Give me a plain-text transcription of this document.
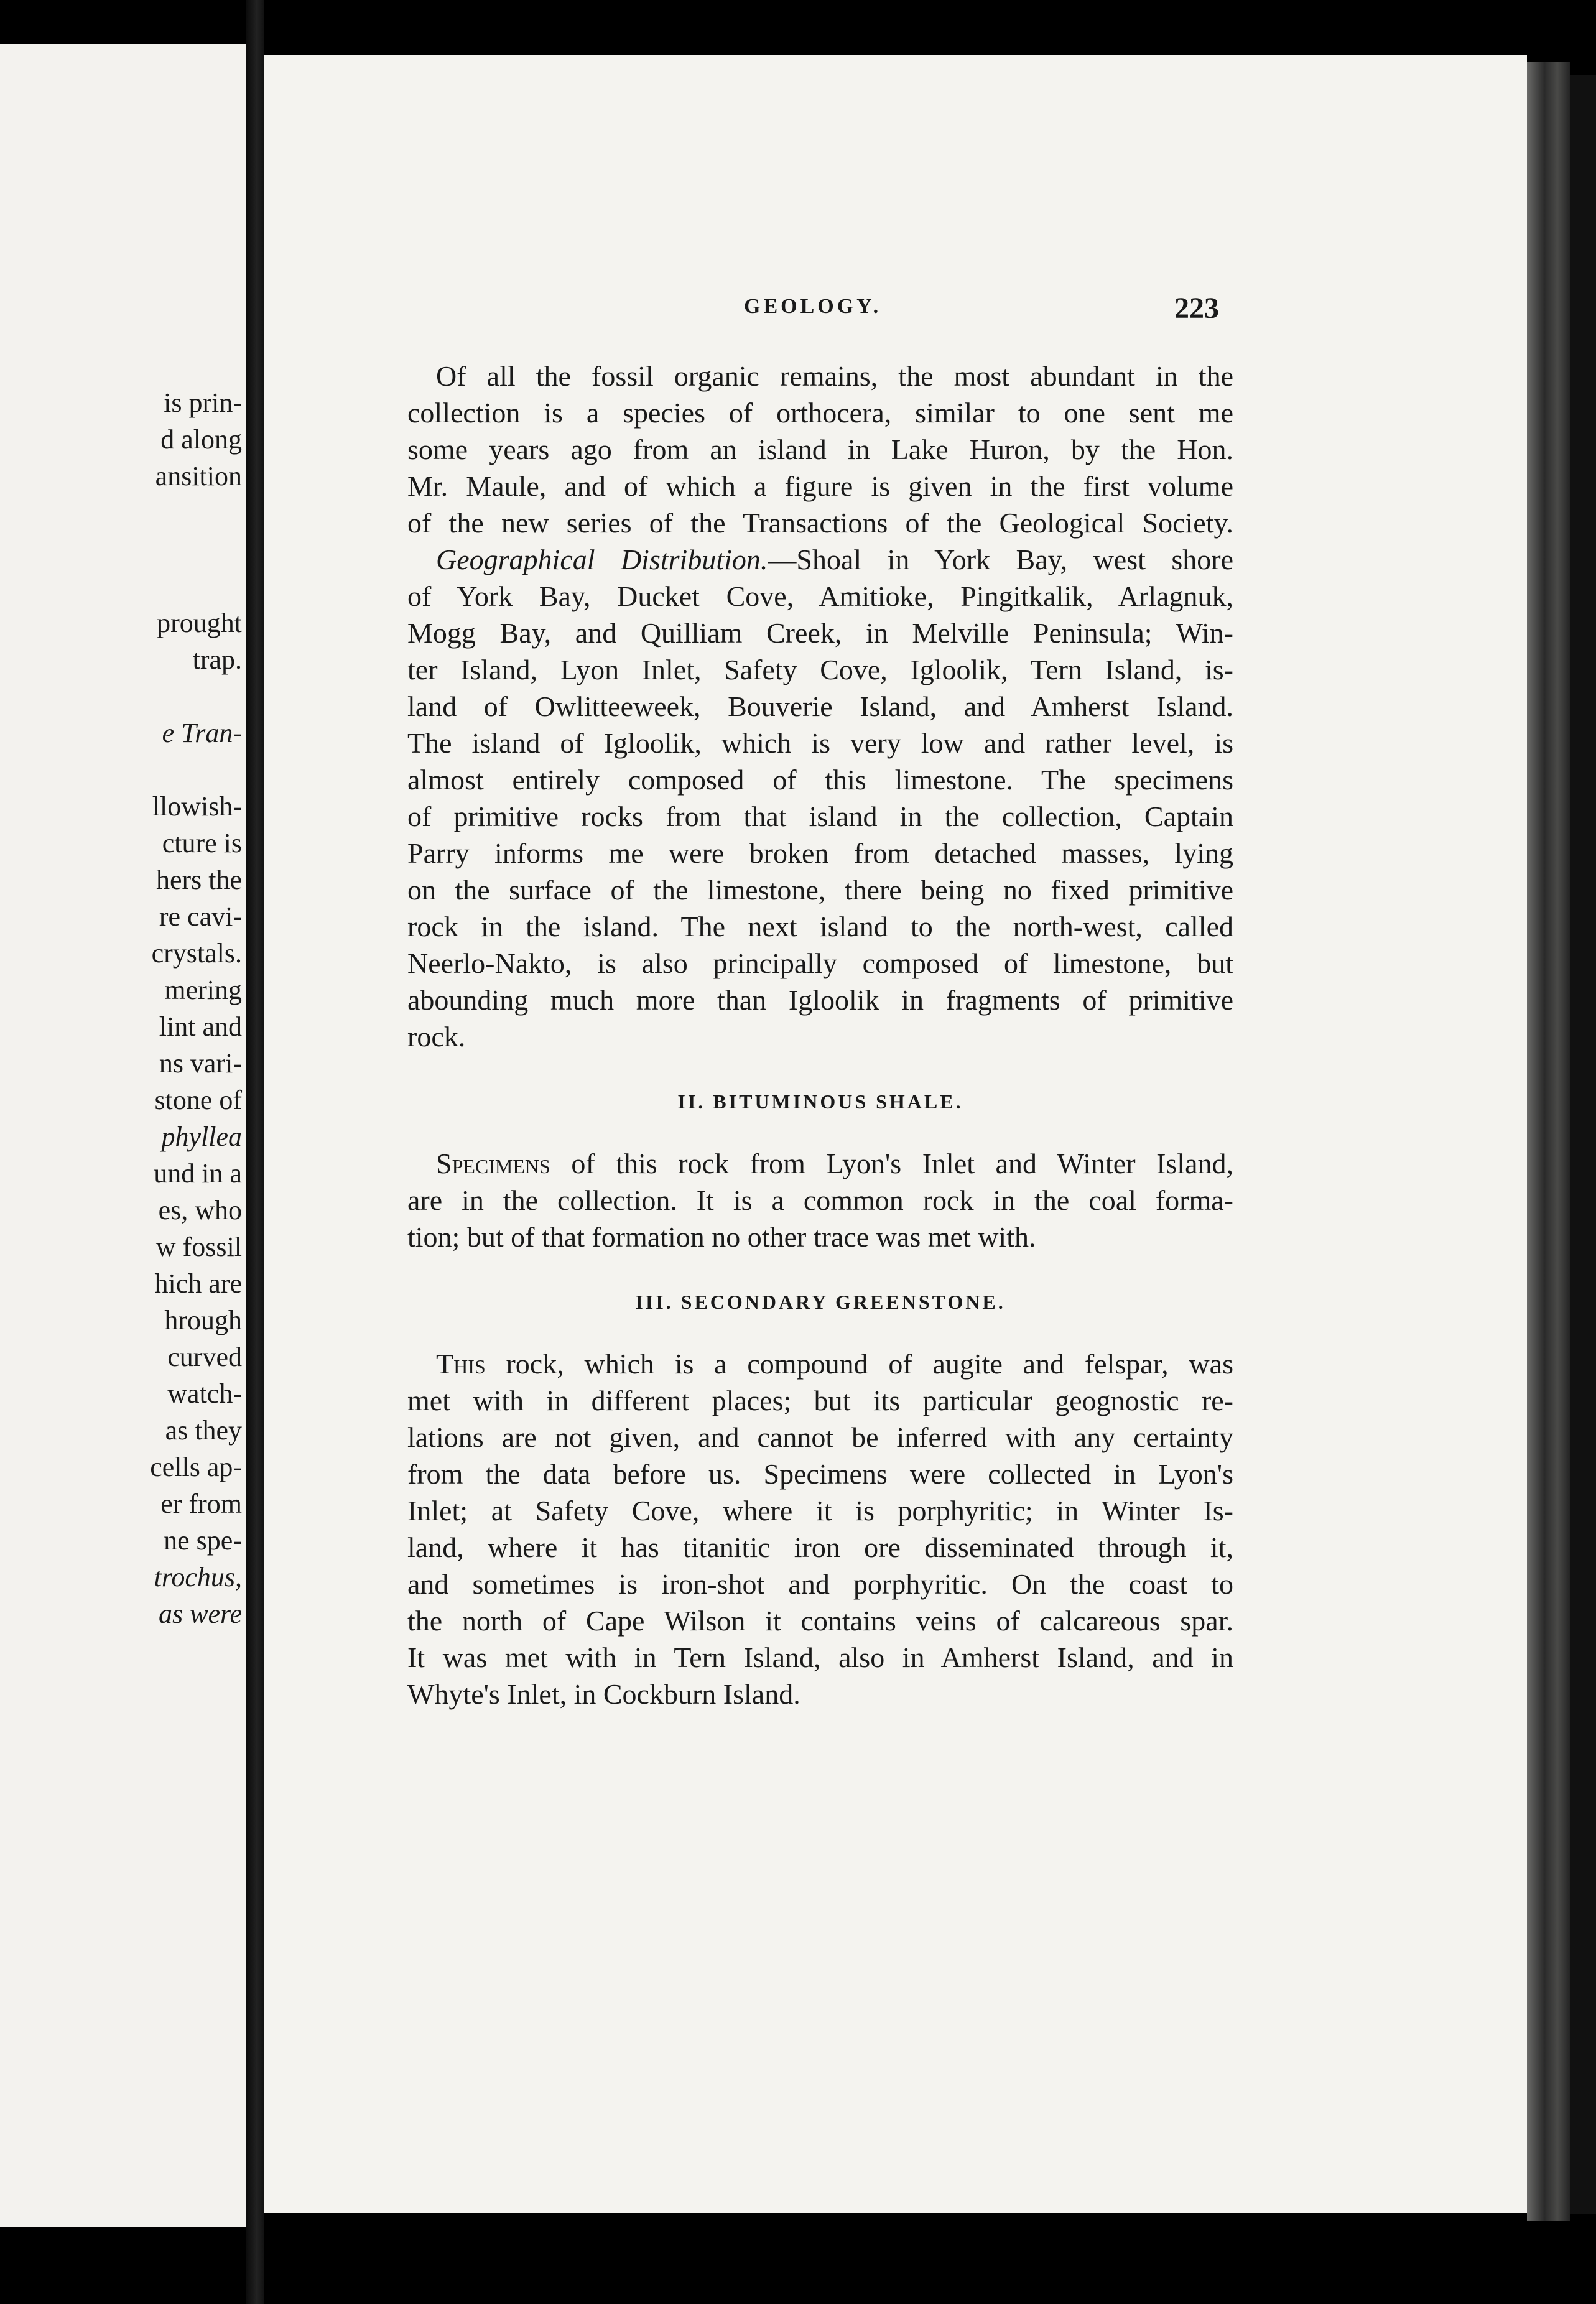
is prin-
d along
ansition
prought
trap.
e Tran-
llowish-
cture is
hers the
re cavi-
crystals.
mering
lint and
ns vari-
stone of
phyllea
und in a
es, who
w fossil
hich are
hrough
curved
watch-
as they
cells ap-
er from
ne spe-
trochus,
as were
GEOLOGY.	223
Of all the fossil organic remains, the most abundant in the
collection is a species of orthocera, similar to one sent me
some years ago from an island in Lake Huron, by the Hon.
Mr. Maule, and of which a figure is given in the first volume
of the new series of the Transactions of the Geological Society.
Geographical Distribution.—Shoal in York Bay, west shore
of York Bay, Ducket Cove, Amitioke, Pingitkalik, Arlagnuk,
Mogg Bay, and Quilliam Creek, in Melville Peninsula; Win-
ter Island, Lyon Inlet, Safety Cove, Igloolik, Tern Island, is-
land of Owlitteeweek, Bouverie Island, and Amherst Island.
The island of Igloolik, which is very low and rather level, is
almost entirely composed of this limestone. The specimens
of primitive rocks from that island in the collection, Captain
Parry informs me were broken from detached masses, lying
on the surface of the limestone, there being no fixed primitive
rock in the island. The next island to the north-west, called
Neerlo-Nakto, is also principally composed of limestone, but
abounding much more than Igloolik in fragments of primitive
rock.
II. BITUMINOUS SHALE.
Specimens of this rock from Lyon's Inlet and Winter Island,
are in the collection. It is a common rock in the coal forma-
tion; but of that formation no other trace was met with.
III. SECONDARY GREENSTONE.
This rock, which is a compound of augite and felspar, was
met with in different places; but its particular geognostic re-
lations are not given, and cannot be inferred with any certainty
from the data before us. Specimens were collected in Lyon's
Inlet; at Safety Cove, where it is porphyritic; in Winter Is-
land, where it has titanitic iron ore disseminated through it,
and sometimes is iron-shot and porphyritic. On the coast to
the north of Cape Wilson it contains veins of calcareous spar.
It was met with in Tern Island, also in Amherst Island, and in
Whyte's Inlet, in Cockburn Island.
